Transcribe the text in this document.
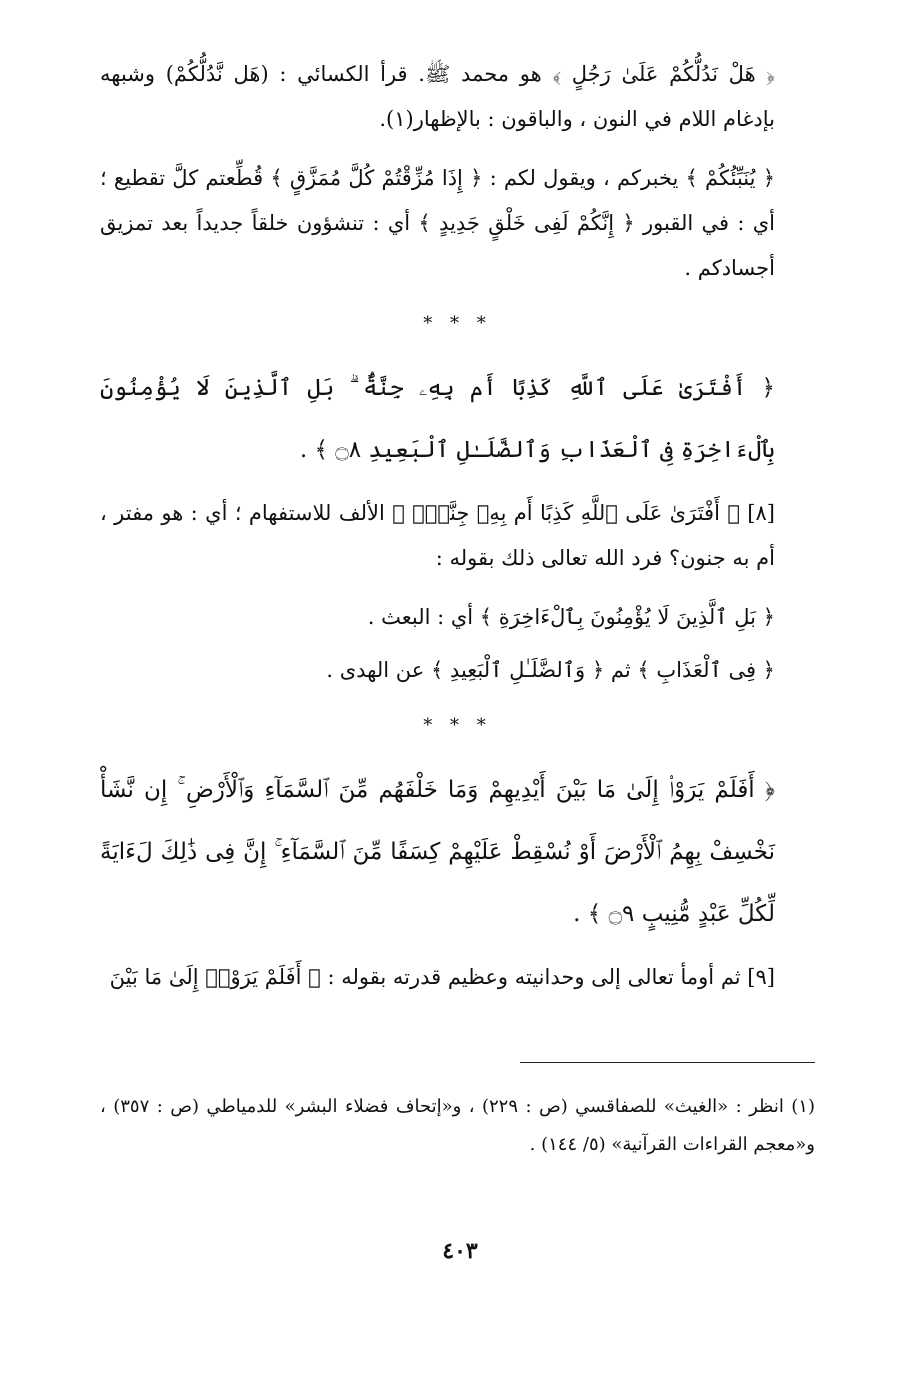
﴿ هَلْ نَدُلُّكُمْ عَلَىٰ رَجُلٍ ﴾ هو محمد ﷺ. قرأ الكسائي : (هَل نَّدُلُّكُمْ) وشبهه بإدغام اللام في النون ، والباقون : بالإظهار(١).

﴿ يُنَبِّئُكُمْ ﴾ يخبركم ، ويقول لكم : ﴿ إِذَا مُزِّقْتُمْ كُلَّ مُمَزَّقٍ ﴾ قُطِّعتم كلَّ تقطيع ؛ أي : في القبور ﴿ إِنَّكُمْ لَفِى خَلْقٍ جَدِيدٍ ﴾ أي : تنشؤون خلقاً جديداً بعد تمزيق أجسادكم .

* * *

﴿ أَفْتَرَىٰ عَلَى ٱللَّهِ كَذِبًا أَم بِهِۦ جِنَّةٌۢ ۗ بَلِ ٱلَّذِينَ لَا يُؤْمِنُونَ بِٱلْءَاخِرَةِ فِى ٱلْعَذَابِ وَٱلضَّلَـٰلِ ٱلْبَعِيدِ ۝٨ ﴾ .

[٨] ﴿ أَفْتَرَىٰ عَلَى ٱللَّهِ كَذِبًا أَم بِهِۦ جِنَّةٌۢ ﴾ الألف للاستفهام ؛ أي : هو مفتر ، أم به جنون؟ فرد الله تعالى ذلك بقوله :

﴿ بَلِ ٱلَّذِينَ لَا يُؤْمِنُونَ بِٱلْءَاخِرَةِ ﴾ أي : البعث .

﴿ فِى ٱلْعَذَابِ ﴾ ثم ﴿ وَٱلضَّلَـٰلِ ٱلْبَعِيدِ ﴾ عن الهدى .

* * *

﴿ أَفَلَمْ يَرَوْا۟ إِلَىٰ مَا بَيْنَ أَيْدِيهِمْ وَمَا خَلْفَهُم مِّنَ ٱلسَّمَآءِ وَٱلْأَرْضِ ۚ إِن نَّشَأْ نَخْسِفْ بِهِمُ ٱلْأَرْضَ أَوْ نُسْقِطْ عَلَيْهِمْ كِسَفًا مِّنَ ٱلسَّمَآءِ ۚ إِنَّ فِى ذَٰلِكَ لَءَايَةً لِّكُلِّ عَبْدٍ مُّنِيبٍ ۝٩ ﴾ .

[٩] ثم أومأ تعالى إلى وحدانيته وعظيم قدرته بقوله : ﴿ أَفَلَمْ يَرَوْا۟ إِلَىٰ مَا بَيْنَ

(١) انظر : «الغيث» للصفاقسي (ص : ٢٢٩) ، و«إتحاف فضلاء البشر» للدمياطي (ص : ٣٥٧) ، و«معجم القراءات القرآنية» (٥/ ١٤٤) .
٤٠٣
